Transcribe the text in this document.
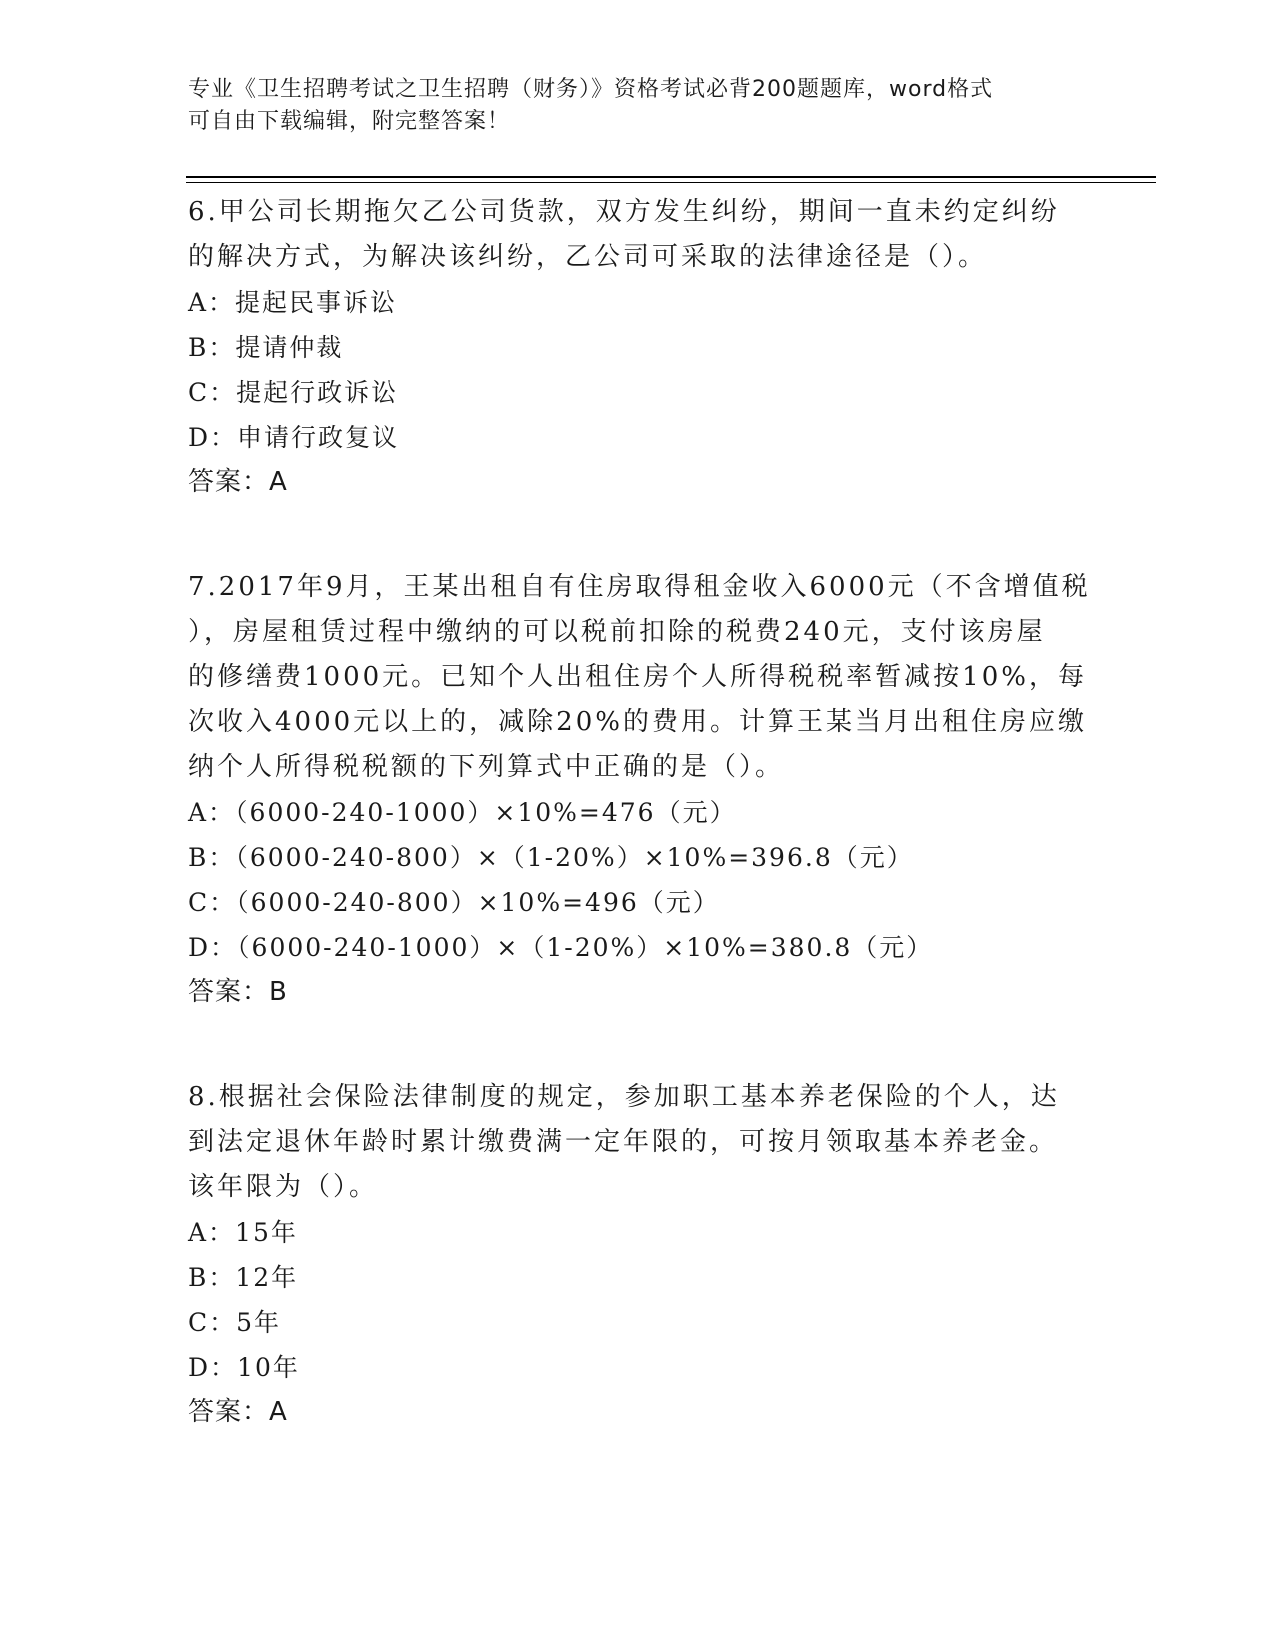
专业《卫生招聘考试之卫生招聘（财务）》资格考试必背200题题库，word格式
可自由下载编辑，附完整答案！
6.甲公司长期拖欠乙公司货款，双方发生纠纷，期间一直未约定纠纷
的解决方式，为解决该纠纷，乙公司可采取的法律途径是（）。
A：提起民事诉讼
B：提请仲裁
C：提起行政诉讼
D：申请行政复议
答案：A
7.2017年9月，王某出租自有住房取得租金收入6000元（不含增值税
），房屋租赁过程中缴纳的可以税前扣除的税费240元，支付该房屋
的修缮费1000元。已知个人出租住房个人所得税税率暂减按10%，每
次收入4000元以上的，减除20%的费用。计算王某当月出租住房应缴
纳个人所得税税额的下列算式中正确的是（）。
A：（6000-240-1000）×10%=476（元）
B：（6000-240-800）×（1-20%）×10%=396.8（元）
C：（6000-240-800）×10%=496（元）
D：（6000-240-1000）×（1-20%）×10%=380.8（元）
答案：B
8.根据社会保险法律制度的规定，参加职工基本养老保险的个人，达
到法定退休年龄时累计缴费满一定年限的，可按月领取基本养老金。
该年限为（）。
A：15年
B：12年
C：5年
D：10年
答案：A
